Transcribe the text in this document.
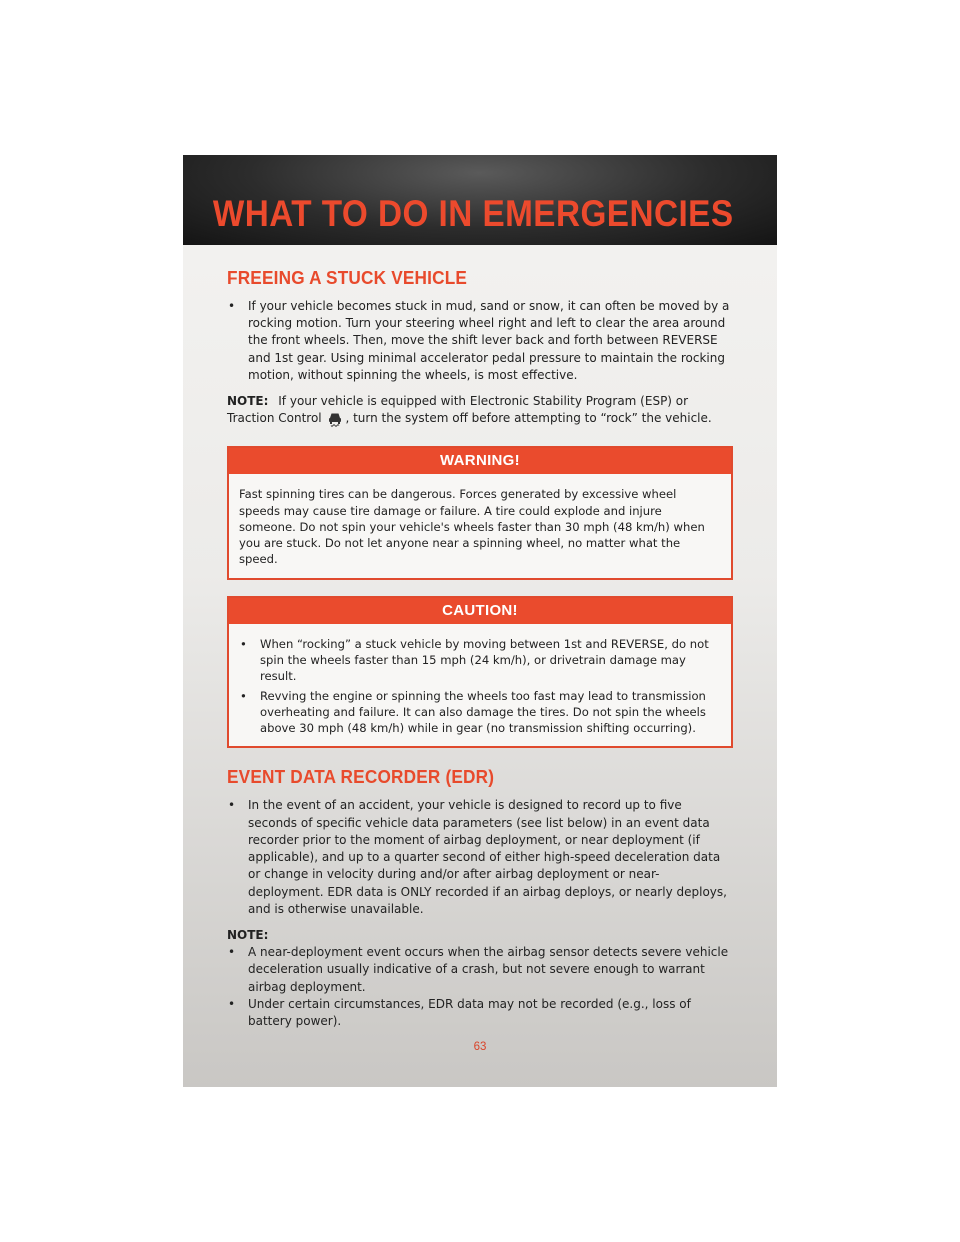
WHAT TO DO IN EMERGENCIES
FREEING A STUCK VEHICLE
• If your vehicle becomes stuck in mud, sand or snow, it can often be moved by a rocking motion. Turn your steering wheel right and left to clear the area around the front wheels. Then, move the shift lever back and forth between REVERSE and 1st gear. Using minimal accelerator pedal pressure to maintain the rocking motion, without spinning the wheels, is most effective.
NOTE: If your vehicle is equipped with Electronic Stability Program (ESP) or Traction Control , turn the system off before attempting to “rock” the vehicle.
WARNING!
Fast spinning tires can be dangerous. Forces generated by excessive wheel speeds may cause tire damage or failure. A tire could explode and injure someone. Do not spin your vehicle's wheels faster than 30 mph (48 km/h) when you are stuck. Do not let anyone near a spinning wheel, no matter what the speed.
CAUTION!
• When “rocking” a stuck vehicle by moving between 1st and REVERSE, do not spin the wheels faster than 15 mph (24 km/h), or drivetrain damage may result.
• Revving the engine or spinning the wheels too fast may lead to transmission overheating and failure. It can also damage the tires. Do not spin the wheels above 30 mph (48 km/h) while in gear (no transmission shifting occurring).
EVENT DATA RECORDER (EDR)
• In the event of an accident, your vehicle is designed to record up to five seconds of specific vehicle data parameters (see list below) in an event data recorder prior to the moment of airbag deployment, or near deployment (if applicable), and up to a quarter second of either high-speed deceleration data or change in velocity during and/or after airbag deployment or near-deployment. EDR data is ONLY recorded if an airbag deploys, or nearly deploys, and is otherwise unavailable.
NOTE:
• A near-deployment event occurs when the airbag sensor detects severe vehicle deceleration usually indicative of a crash, but not severe enough to warrant airbag deployment.
• Under certain circumstances, EDR data may not be recorded (e.g., loss of battery power).
63
